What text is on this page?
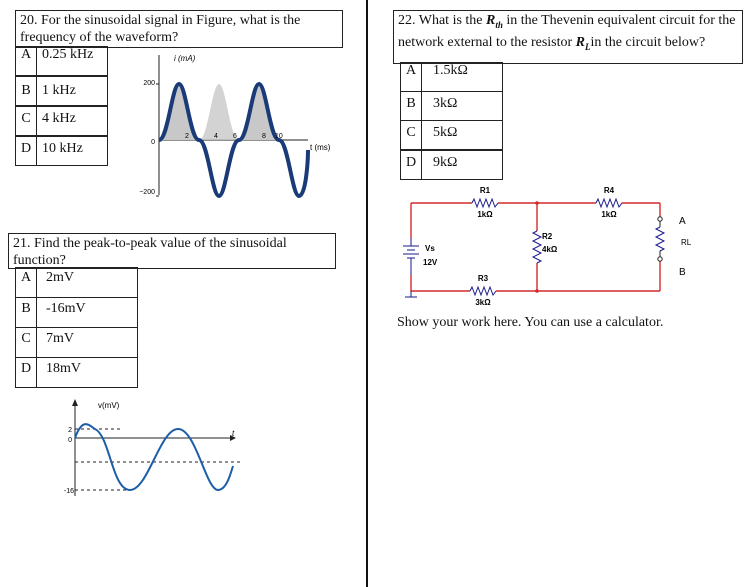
20. For the sinusoidal signal in Figure, what is the frequency of the waveform?
A 0.25 kHz
B 1 kHz
C 4 kHz
D 10 kHz
200
0
−200
2	4 6	8 10
i (mA)
t (ms)
21. Find the peak-to-peak value of the sinusoidal function?
A	2mV
B	-16mV
C	7mV
D	18mV
v(mV)
t
2
0
-16
22. What is the $R_{th}$ in the Thevenin equivalent circuit for the network external to the resistor $R_Lin$ the circuit below?
A	1.5kΩ
B	3kΩ
C	5kΩ
D	9kΩ
R1
1kΩ
R4
1kΩ
R3
3kΩ
R2
4kΩ
Vs
12V
RL
A
B
Show your work here. You can use a calculator.
